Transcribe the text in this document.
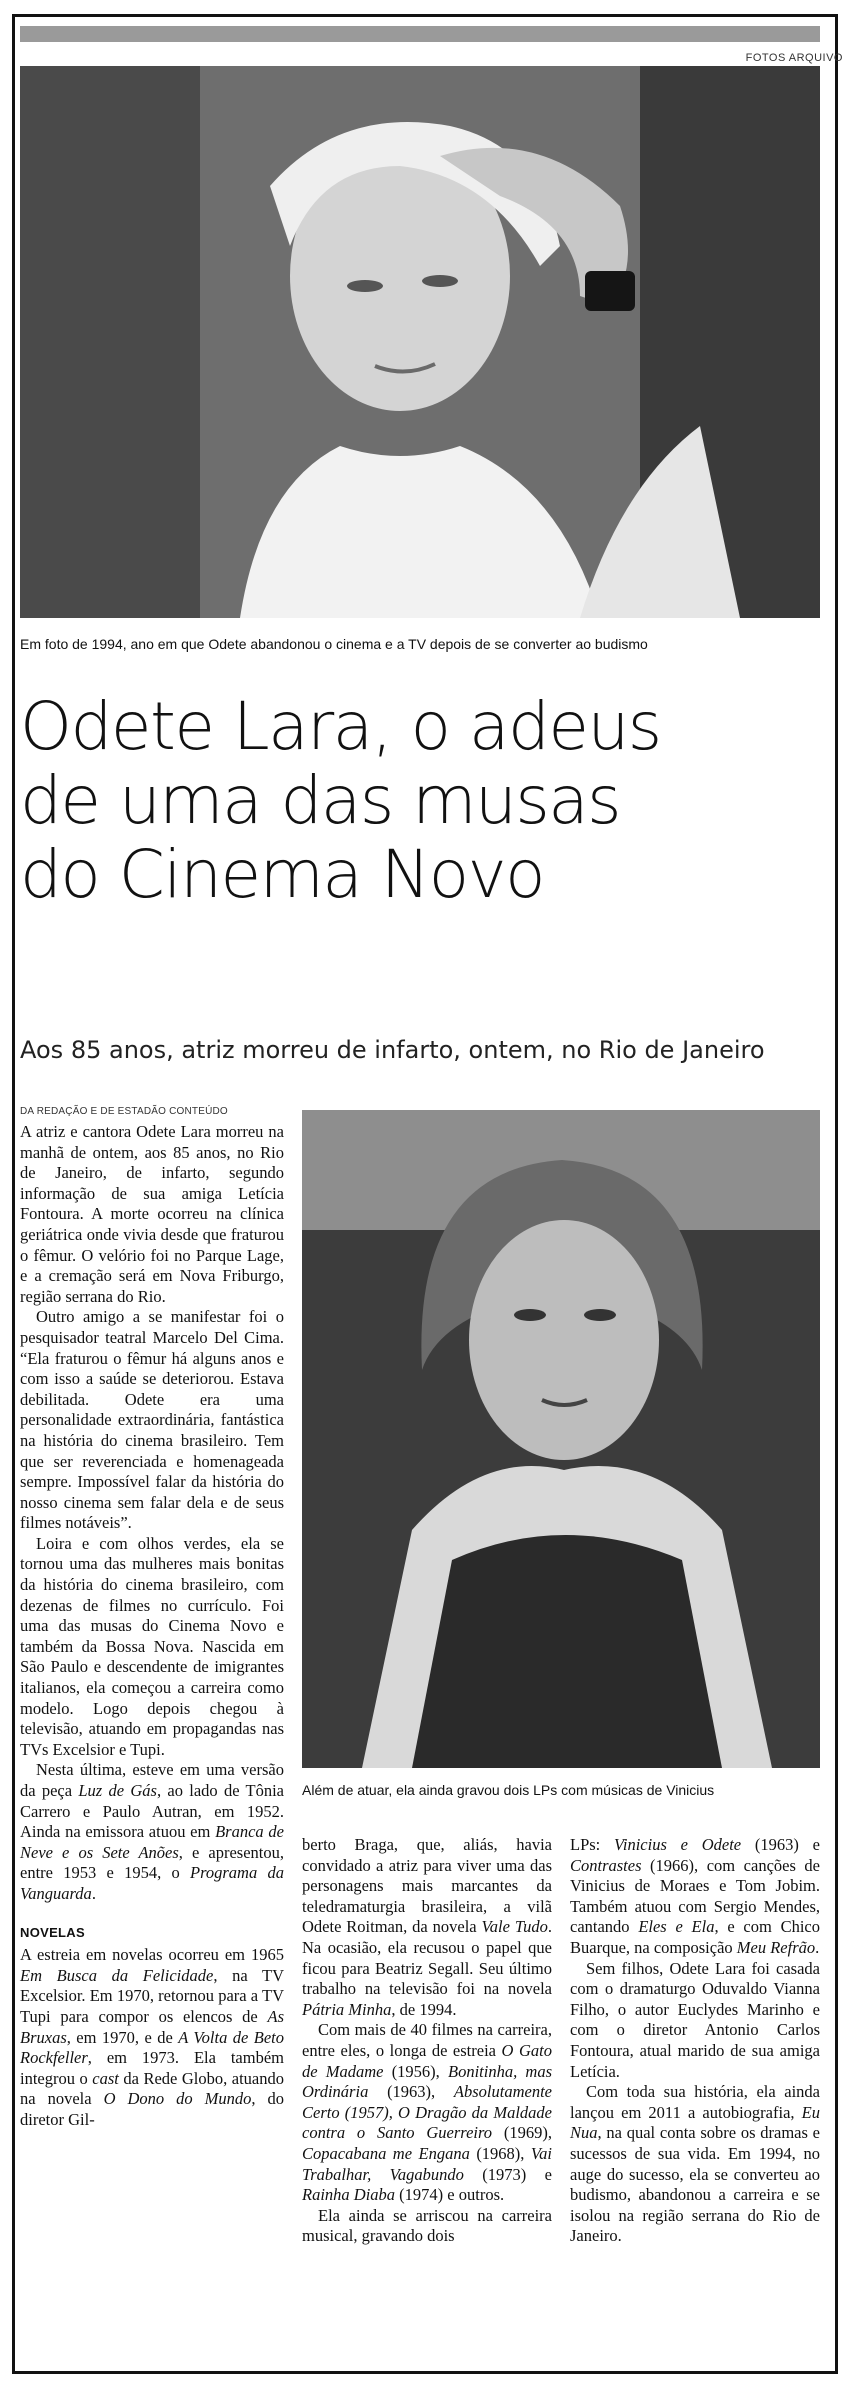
FOTOS ARQUIVO
Em foto de 1994, ano em que Odete abandonou o cinema e a TV depois de se converter ao budismo
Odete Lara, o adeus
de uma das musas
do Cinema Novo
Aos 85 anos, atriz morreu de infarto, ontem, no Rio de Janeiro
DA REDAÇÃO E DE ESTADÃO CONTEÚDO

A atriz e cantora Odete Lara morreu na manhã de ontem, aos 85 anos, no Rio de Janeiro, de infarto, segundo informação de sua amiga Letícia Fontoura. A morte ocorreu na clínica geriátrica onde vivia desde que fraturou o fêmur. O velório foi no Parque Lage, e a cremação será em Nova Friburgo, região serrana do Rio.

Outro amigo a se manifestar foi o pesquisador teatral Marcelo Del Cima. “Ela fraturou o fêmur há alguns anos e com isso a saúde se deteriorou. Estava debilitada. Odete era uma personalidade extraordinária, fantástica na história do cinema brasileiro. Tem que ser reverenciada e homenageada sempre. Impossível falar da história do nosso cinema sem falar dela e de seus filmes notáveis”.

Loira e com olhos verdes, ela se tornou uma das mulheres mais bonitas da história do cinema brasileiro, com dezenas de filmes no currículo. Foi uma das musas do Cinema Novo e também da Bossa Nova. Nascida em São Paulo e descendente de imigrantes italianos, ela começou a carreira como modelo. Logo depois chegou à televisão, atuando em propagandas nas TVs Excelsior e Tupi.

Nesta última, esteve em uma versão da peça Luz de Gás, ao lado de Tônia Carrero e Paulo Autran, em 1952. Ainda na emissora atuou em Branca de Neve e os Sete Anões, e apresentou, entre 1953 e 1954, o Programa da Vanguarda.

NOVELAS

A estreia em novelas ocorreu em 1965 Em Busca da Felicidade, na TV Excelsior. Em 1970, retornou para a TV Tupi para compor os elencos de As Bruxas, em 1970, e de A Volta de Beto Rockfeller, em 1973. Ela também integrou o cast da Rede Globo, atuando na novela O Dono do Mundo, do diretor Gil-

Além de atuar, ela ainda gravou dois LPs com músicas de Vinicius

berto Braga, que, aliás, havia convidado a atriz para viver uma das personagens mais marcantes da teledramaturgia brasileira, a vilã Odete Roitman, da novela Vale Tudo. Na ocasião, ela recusou o papel que ficou para Beatriz Segall. Seu último trabalho na televisão foi na novela Pátria Minha, de 1994.

Com mais de 40 filmes na carreira, entre eles, o longa de estreia O Gato de Madame (1956), Bonitinha, mas Ordinária (1963), Absolutamente Certo (1957), O Dragão da Maldade contra o Santo Guerreiro (1969), Copacabana me Engana (1968), Vai Trabalhar, Vagabundo (1973) e Rainha Diaba (1974) e outros.

Ela ainda se arriscou na carreira musical, gravando dois

LPs: Vinicius e Odete (1963) e Contrastes (1966), com canções de Vinicius de Moraes e Tom Jobim. Também atuou com Sergio Mendes, cantando Eles e Ela, e com Chico Buarque, na composição Meu Refrão.

Sem filhos, Odete Lara foi casada com o dramaturgo Oduvaldo Vianna Filho, o autor Euclydes Marinho e com o diretor Antonio Carlos Fontoura, atual marido de sua amiga Letícia.

Com toda sua história, ela ainda lançou em 2011 a autobiografia, Eu Nua, na qual conta sobre os dramas e sucessos de sua vida. Em 1994, no auge do sucesso, ela se converteu ao budismo, abandonou a carreira e se isolou na região serrana do Rio de Janeiro.
